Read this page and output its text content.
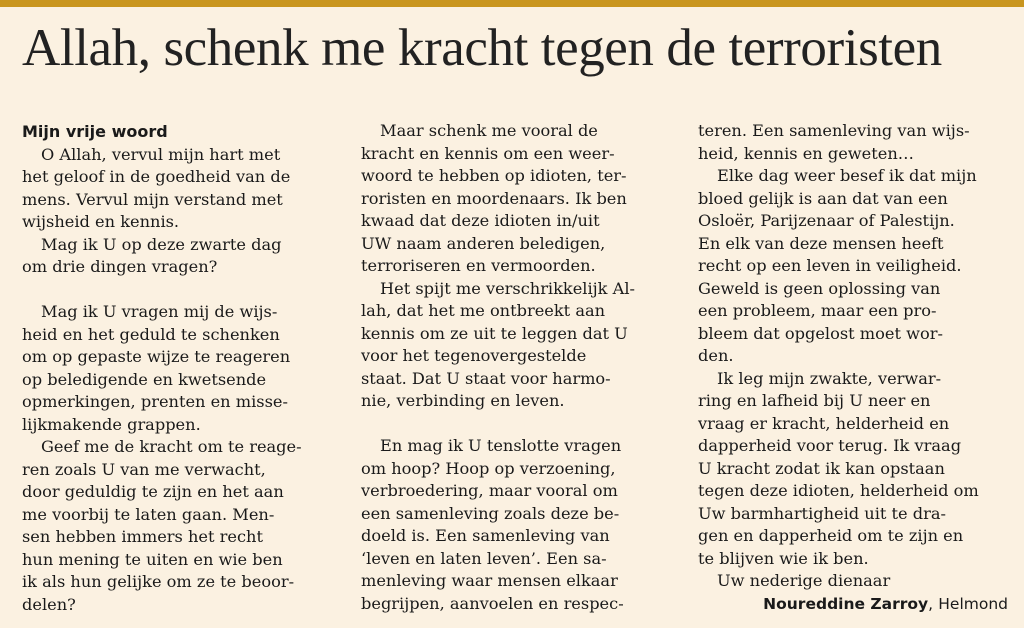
Allah, schenk me kracht tegen de terroristen
Mijn vrije woord
O Allah, vervul mijn hart met
het geloof in de goedheid van de
mens. Vervul mijn verstand met
wijsheid en kennis.
Mag ik U op deze zwarte dag
om drie dingen vragen?
Mag ik U vragen mij de wijs-
heid en het geduld te schenken
om op gepaste wijze te reageren
op beledigende en kwetsende
opmerkingen, prenten en misse-
lijkmakende grappen.
Geef me de kracht om te reage-
ren zoals U van me verwacht,
door geduldig te zijn en het aan
me voorbij te laten gaan. Men-
sen hebben immers het recht
hun mening te uiten en wie ben
ik als hun gelijke om ze te beoor-
delen?
Maar schenk me vooral de
kracht en kennis om een weer-
woord te hebben op idioten, ter-
roristen en moordenaars. Ik ben
kwaad dat deze idioten in/uit
UW naam anderen beledigen,
terroriseren en vermoorden.
Het spijt me verschrikkelijk Al-
lah, dat het me ontbreekt aan
kennis om ze uit te leggen dat U
voor het tegenovergestelde
staat. Dat U staat voor harmo-
nie, verbinding en leven.
En mag ik U tenslotte vragen
om hoop? Hoop op verzoening,
verbroedering, maar vooral om
een samenleving zoals deze be-
doeld is. Een samenleving van
‘leven en laten leven’. Een sa-
menleving waar mensen elkaar
begrijpen, aanvoelen en respec-
teren. Een samenleving van wijs-
heid, kennis en geweten…
Elke dag weer besef ik dat mijn
bloed gelijk is aan dat van een
Osloër, Parijzenaar of Palestijn.
En elk van deze mensen heeft
recht op een leven in veiligheid.
Geweld is geen oplossing van
een probleem, maar een pro-
bleem dat opgelost moet wor-
den.
Ik leg mijn zwakte, verwar-
ring en lafheid bij U neer en
vraag er kracht, helderheid en
dapperheid voor terug. Ik vraag
U kracht zodat ik kan opstaan
tegen deze idioten, helderheid om
Uw barmhartigheid uit te dra-
gen en dapperheid om te zijn en
te blijven wie ik ben.
Uw nederige dienaar
Noureddine Zarroy, Helmond
